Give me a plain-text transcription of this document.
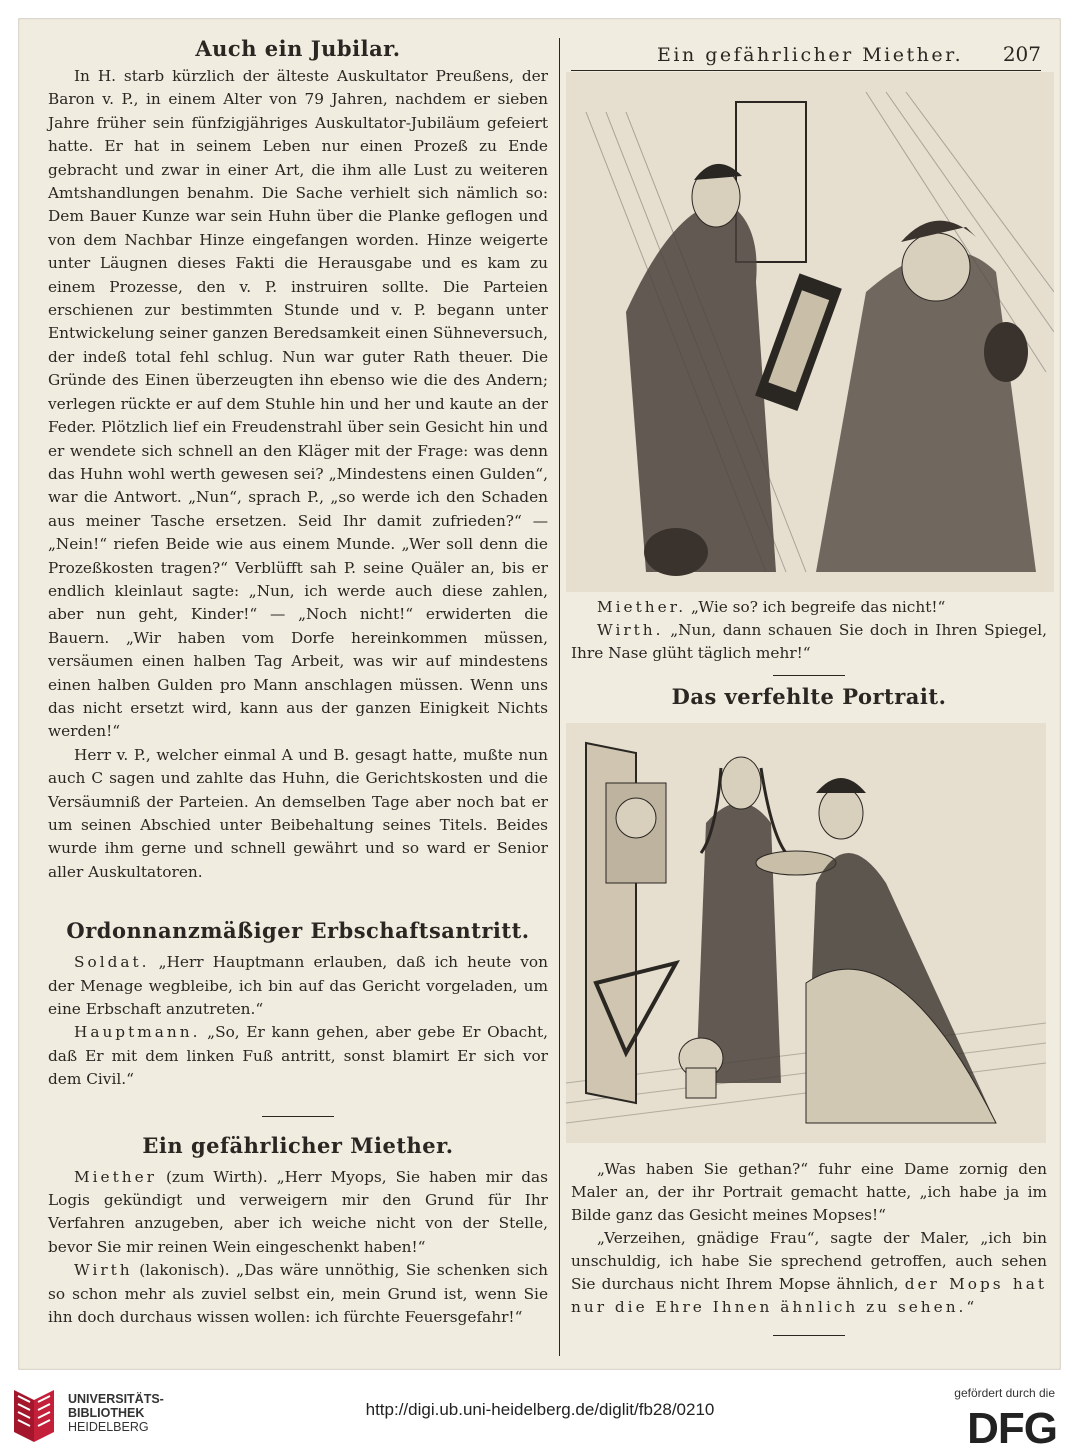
Ein gefährlicher Miether. 207
Auch ein Jubilar.

In H. starb kürzlich der älteste Auskultator Preußens, der Baron v. P., in einem Alter von 79 Jahren, nachdem er sieben Jahre früher sein fünfzigjähriges Auskultator-Jubiläum gefeiert hatte. Er hat in seinem Leben nur einen Prozeß zu Ende gebracht und zwar in einer Art, die ihm alle Lust zu weiteren Amtshandlungen benahm. Die Sache verhielt sich nämlich so: Dem Bauer Kunze war sein Huhn über die Planke geflogen und von dem Nachbar Hinze eingefangen worden. Hinze weigerte unter Läugnen dieses Fakti die Herausgabe und es kam zu einem Prozesse, den v. P. instruiren sollte. Die Parteien erschienen zur bestimmten Stunde und v. P. begann unter Entwickelung seiner ganzen Beredsamkeit einen Sühneversuch, der indeß total fehl schlug. Nun war guter Rath theuer. Die Gründe des Einen überzeugten ihn ebenso wie die des Andern; verlegen rückte er auf dem Stuhle hin und her und kaute an der Feder. Plötzlich lief ein Freudenstrahl über sein Gesicht hin und er wendete sich schnell an den Kläger mit der Frage: was denn das Huhn wohl werth gewesen sei? „Mindestens einen Gulden“, war die Antwort. „Nun“, sprach P., „so werde ich den Schaden aus meiner Tasche ersetzen. Seid Ihr damit zufrieden?“ — „Nein!“ riefen Beide wie aus einem Munde. „Wer soll denn die Prozeßkosten tragen?“ Verblüfft sah P. seine Quäler an, bis er endlich kleinlaut sagte: „Nun, ich werde auch diese zahlen, aber nun geht, Kinder!“ — „Noch nicht!“ erwiderten die Bauern. „Wir haben vom Dorfe hereinkommen müssen, versäumen einen halben Tag Arbeit, was wir auf mindestens einen halben Gulden pro Mann anschlagen müssen. Wenn uns das nicht ersetzt wird, kann aus der ganzen Einigkeit Nichts werden!“

Herr v. P., welcher einmal A und B. gesagt hatte, mußte nun auch C sagen und zahlte das Huhn, die Gerichtskosten und die Versäumniß der Parteien. An demselben Tage aber noch bat er um seinen Abschied unter Beibehaltung seines Titels. Beides wurde ihm gerne und schnell gewährt und so ward er Senior aller Auskultatoren.

Ordonnanzmäßiger Erbschaftsantritt.

Soldat. „Herr Hauptmann erlauben, daß ich heute von der Menage wegbleibe, ich bin auf das Gericht vorgeladen, um eine Erbschaft anzutreten.“

Hauptmann. „So, Er kann gehen, aber gebe Er Obacht, daß Er mit dem linken Fuß antritt, sonst blamirt Er sich vor dem Civil.“

Ein gefährlicher Miether.

Miether (zum Wirth). „Herr Myops, Sie haben mir das Logis gekündigt und verweigern mir den Grund für Ihr Verfahren anzugeben, aber ich weiche nicht von der Stelle, bevor Sie mir reinen Wein eingeschenkt haben!“

Wirth (lakonisch). „Das wäre unnöthig, Sie schenken sich so schon mehr als zuviel selbst ein, mein Grund ist, wenn Sie ihn doch durchaus wissen wollen: ich fürchte Feuersgefahr!“

Miether. „Wie so? ich begreife das nicht!“

Wirth. „Nun, dann schauen Sie doch in Ihren Spiegel, Ihre Nase glüht täglich mehr!“

Das verfehlte Portrait.

„Was haben Sie gethan?“ fuhr eine Dame zornig den Maler an, der ihr Portrait gemacht hatte, „ich habe ja im Bilde ganz das Gesicht meines Mopses!“

„Verzeihen, gnädige Frau“, sagte der Maler, „ich bin unschuldig, ich habe Sie sprechend getroffen, auch sehen Sie durchaus nicht Ihrem Mopse ähnlich, der Mops hat nur die Ehre Ihnen ähnlich zu sehen.“

UNIVERSITÄTS-
BIBLIOTHEK
HEIDELBERG
http://digi.ub.uni-heidelberg.de/diglit/fb28/0210
gefördert durch die
DFG
